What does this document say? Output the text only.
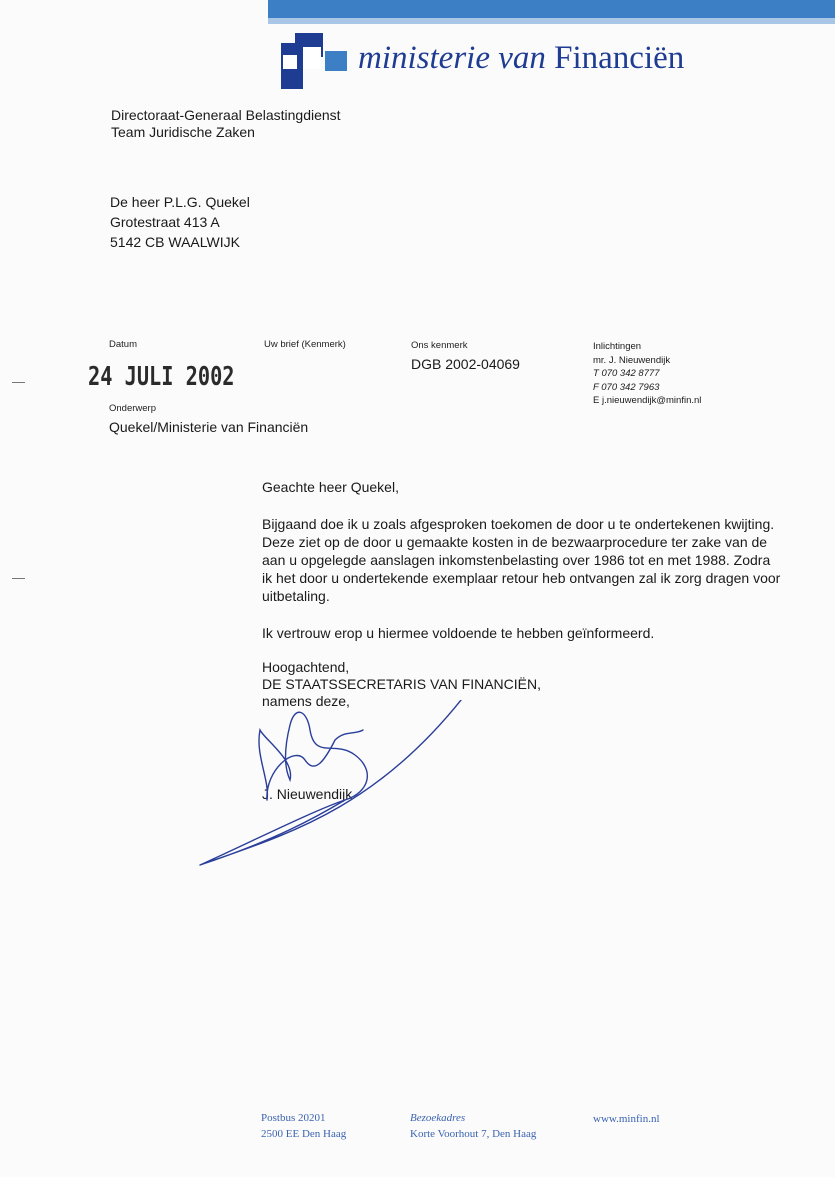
ministerie van Financiën
Directoraat-Generaal Belastingdienst
Team Juridische Zaken
De heer P.L.G. Quekel
Grotestraat 413 A
5142 CB WAALWIJK
Datum
24 JULI 2002
Uw brief (Kenmerk)	Ons kenmerk
DGB 2002-04069
Onderwerp
Quekel/Ministerie van Financiën
Inlichtingen
mr. J. Nieuwendijk
T 070 342 8777
F 070 342 7963
E j.nieuwendijk@minfin.nl

Geachte heer Quekel,

Bijgaand doe ik u zoals afgesproken toekomen de door u te ondertekenen kwijting. Deze ziet op de door u gemaakte kosten in de bezwaarprocedure ter zake van de aan u opgelegde aanslagen inkomstenbelasting over 1986 tot en met 1988. Zodra ik het door u ondertekende exemplaar retour heb ontvangen zal ik zorg dragen voor uitbetaling.

Ik vertrouw erop u hiermee voldoende te hebben geïnformeerd.

Hoogachtend,
DE STAATSSECRETARIS VAN FINANCIËN,
namens deze,
J. Nieuwendijk
Postbus 20201
2500 EE Den Haag
Bezoekadres
Korte Voorhout 7, Den Haag
www.minfin.nl
